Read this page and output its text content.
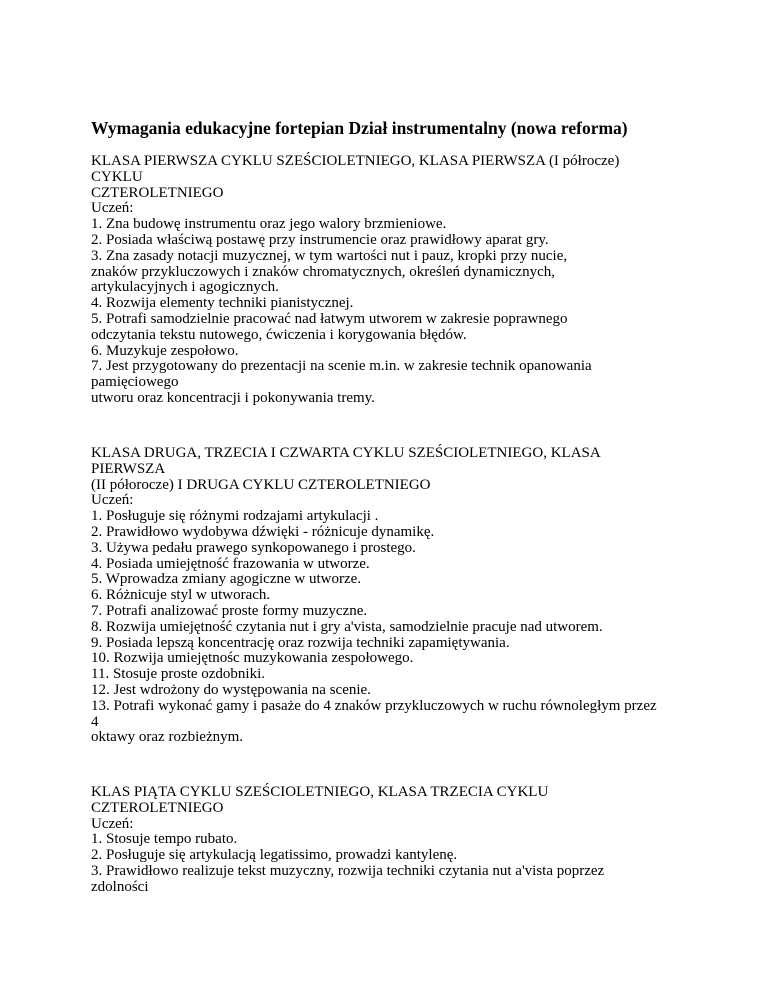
Wymagania edukacyjne fortepian Dział instrumentalny (nowa reforma)
KLASA PIERWSZA CYKLU SZEŚCIOLETNIEGO, KLASA PIERWSZA (I półrocze)
CYKLU
CZTEROLETNIEGO
Uczeń:
1. Zna budowę instrumentu oraz jego walory brzmieniowe.
2. Posiada właściwą postawę przy instrumencie oraz prawidłowy aparat gry.
3. Zna zasady notacji muzycznej, w tym wartości nut i pauz, kropki przy nucie,
znaków przykluczowych i znaków chromatycznych, określeń dynamicznych,
artykulacyjnych i agogicznych.
4. Rozwija elementy techniki pianistycznej.
5. Potrafi samodzielnie pracować nad łatwym utworem w zakresie poprawnego
odczytania tekstu nutowego, ćwiczenia i korygowania błędów.
6. Muzykuje zespołowo.
7. Jest przygotowany do prezentacji na scenie m.in. w zakresie technik opanowania
pamięciowego
utworu oraz koncentracji i pokonywania tremy.
KLASA DRUGA, TRZECIA I CZWARTA CYKLU SZEŚCIOLETNIEGO, KLASA
PIERWSZA
(II półorocze) I DRUGA CYKLU CZTEROLETNIEGO
Uczeń:
1. Posługuje się różnymi rodzajami artykulacji .
2. Prawidłowo wydobywa dźwięki - różnicuje dynamikę.
3. Używa pedału prawego synkopowanego i prostego.
4. Posiada umiejętność frazowania w utworze.
5. Wprowadza zmiany agogiczne w utworze.
6. Różnicuje styl w utworach.
7. Potrafi analizować proste formy muzyczne.
8. Rozwija umiejętność czytania nut i gry a'vista, samodzielnie pracuje nad utworem.
9. Posiada lepszą koncentrację oraz rozwija techniki zapamiętywania.
10. Rozwija umiejętnośc muzykowania zespołowego.
11. Stosuje proste ozdobniki.
12. Jest wdrożony do występowania na scenie.
13. Potrafi wykonać gamy i pasaże do 4 znaków przykluczowych w ruchu równoległym przez
4
oktawy oraz rozbieżnym.
KLAS PIĄTA CYKLU SZEŚCIOLETNIEGO, KLASA TRZECIA CYKLU
CZTEROLETNIEGO
Uczeń:
1. Stosuje tempo rubato.
2. Posługuje się artykulacją legatissimo, prowadzi kantylenę.
3. Prawidłowo realizuje tekst muzyczny, rozwija techniki czytania nut a'vista poprzez
zdolności
